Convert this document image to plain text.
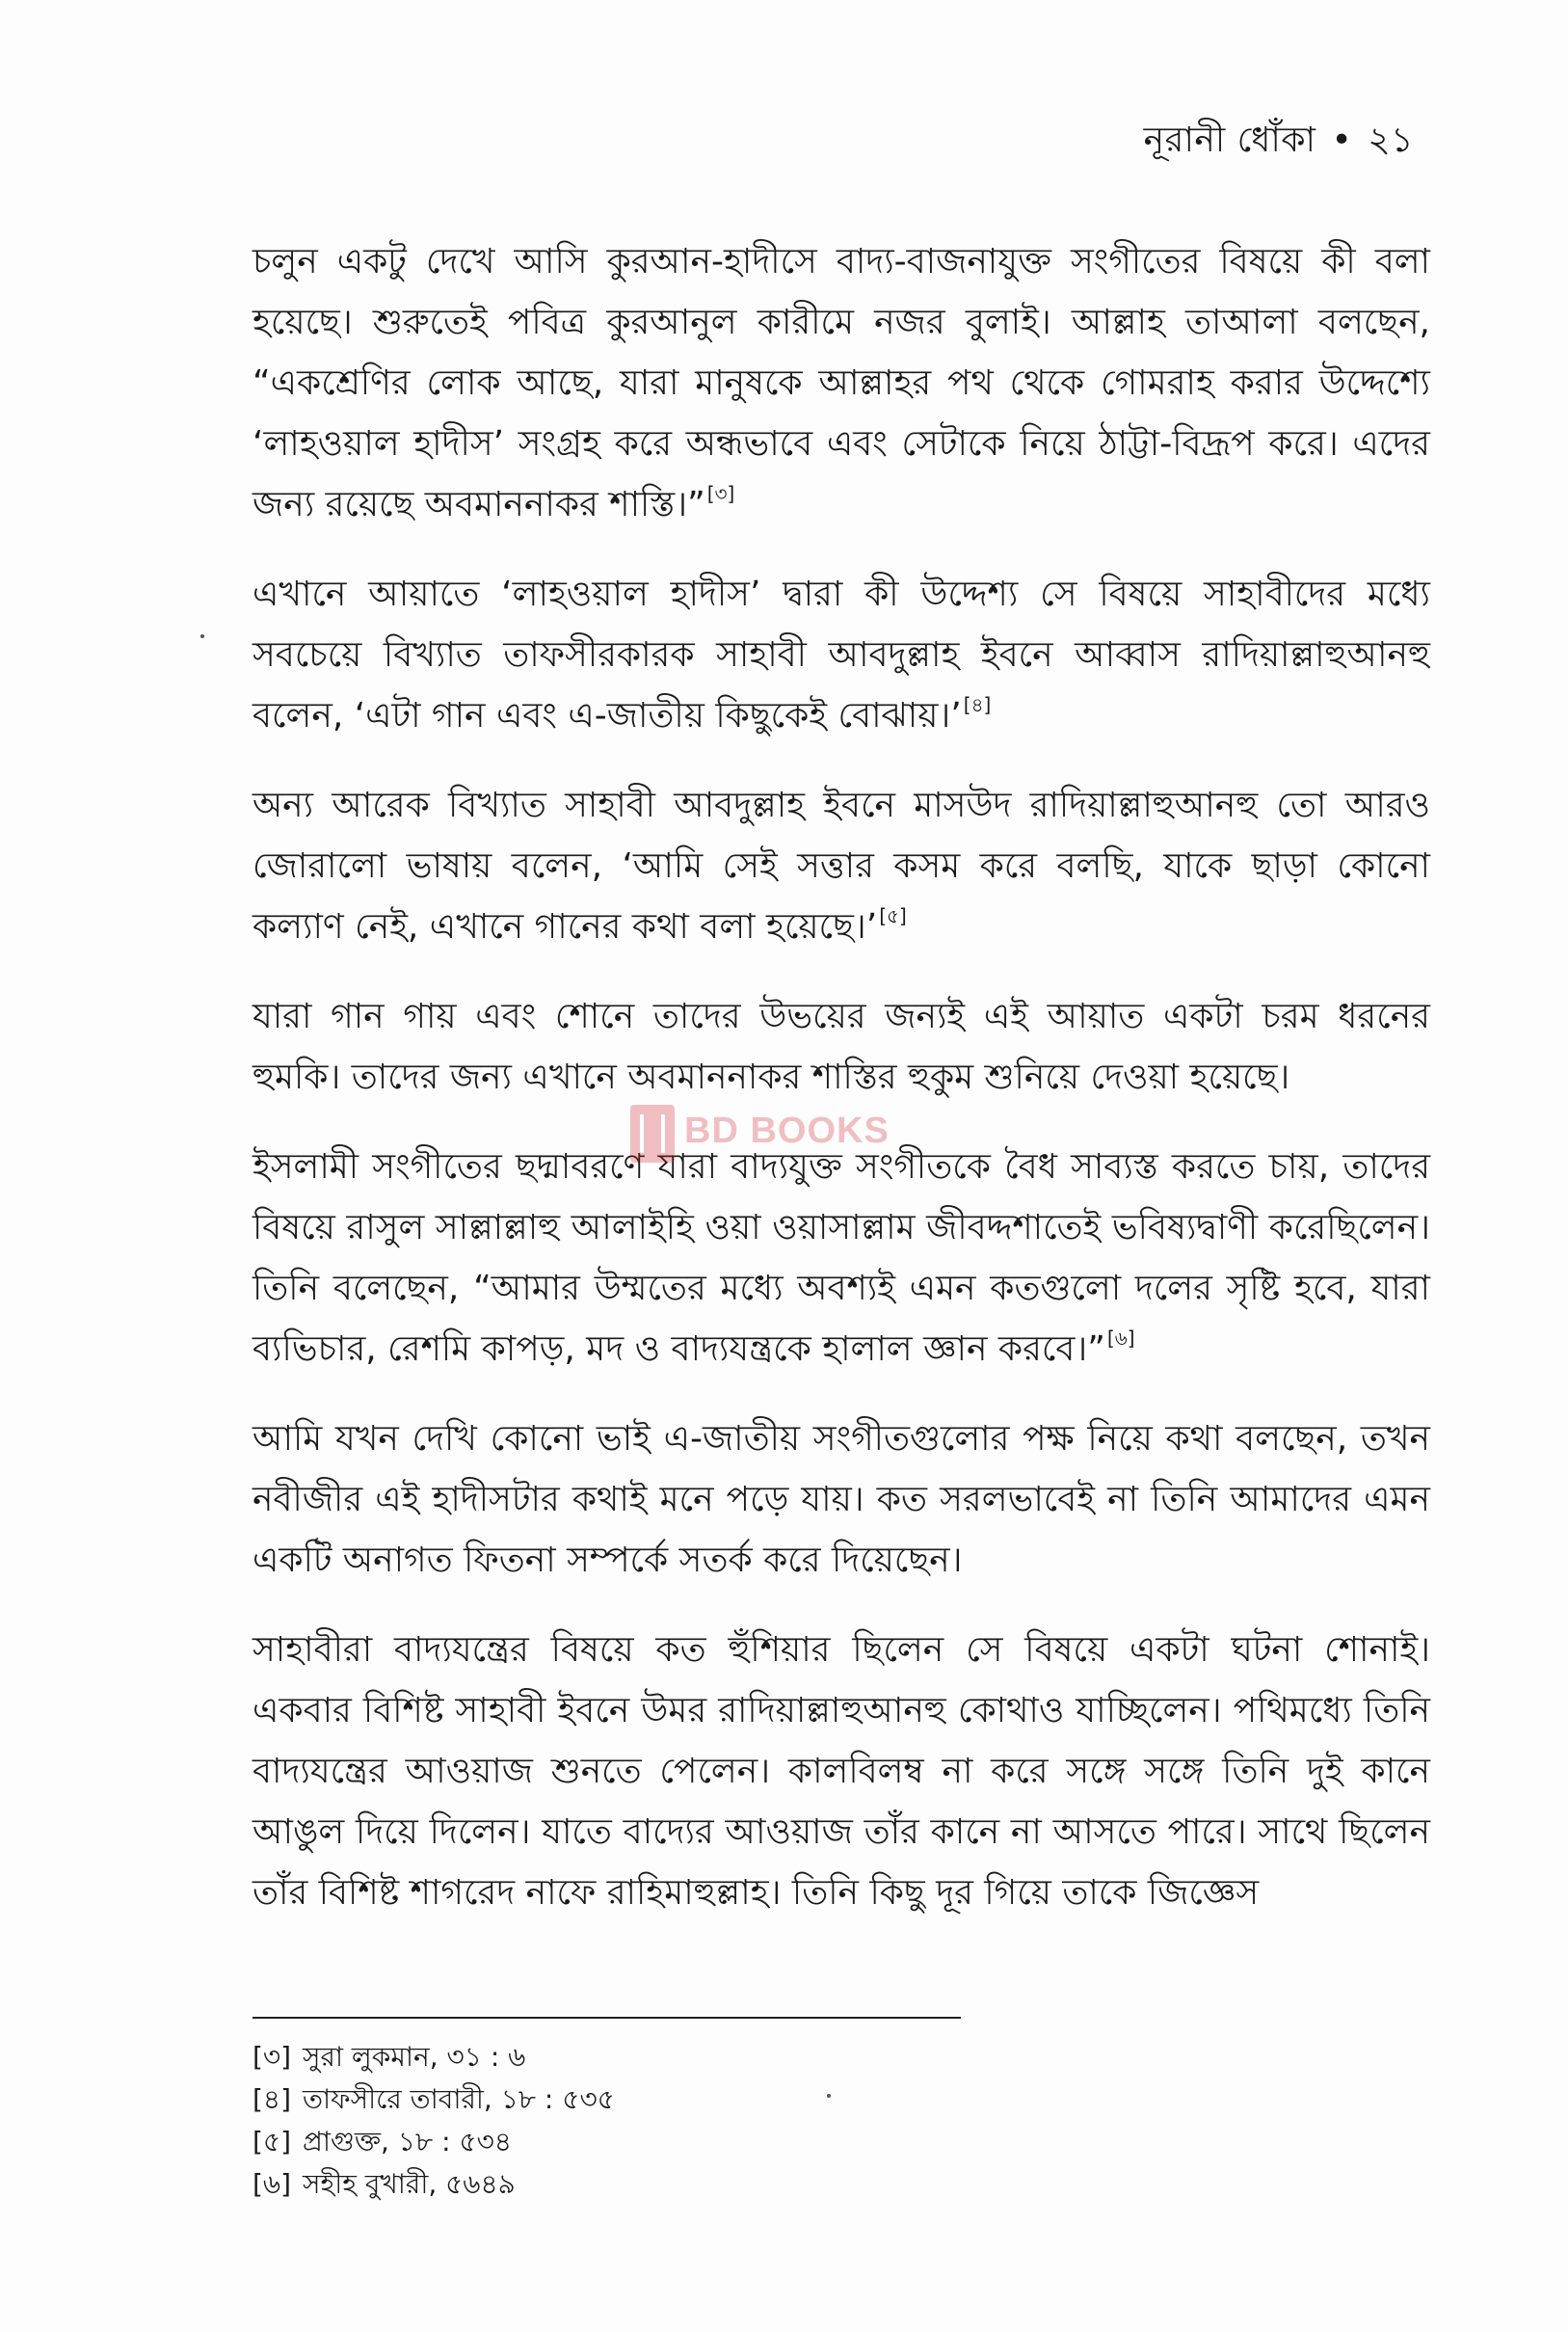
নূরানী ধোঁকা • ২১

চলুন একটু দেখে আসি কুরআন-হাদীসে বাদ্য-বাজনাযুক্ত সংগীতের বিষয়ে কী বলা হয়েছে। শুরুতেই পবিত্র কুরআনুল কারীমে নজর বুলাই। আল্লাহ তাআলা বলছেন, “একশ্রেণির লোক আছে, যারা মানুষকে আল্লাহর পথ থেকে গোমরাহ করার উদ্দেশ্যে ‘লাহওয়াল হাদীস’ সংগ্রহ করে অন্ধভাবে এবং সেটাকে নিয়ে ঠাট্টা-বিদ্রূপ করে। এদের জন্য রয়েছে অবমাননাকর শাস্তি।” [৩]

এখানে আয়াতে ‘লাহওয়াল হাদীস’ দ্বারা কী উদ্দেশ্য সে বিষয়ে সাহাবীদের মধ্যে সবচেয়ে বিখ্যাত তাফসীরকারক সাহাবী আবদুল্লাহ ইবনে আব্বাস রাদিয়াল্লাহুআনহু বলেন, ‘এটা গান এবং এ-জাতীয় কিছুকেই বোঝায়।’ [৪]

অন্য আরেক বিখ্যাত সাহাবী আবদুল্লাহ ইবনে মাসউদ রাদিয়াল্লাহুআনহু তো আরও জোরালো ভাষায় বলেন, ‘আমি সেই সত্তার কসম করে বলছি, যাকে ছাড়া কোনো কল্যাণ নেই, এখানে গানের কথা বলা হয়েছে।’ [৫]

যারা গান গায় এবং শোনে তাদের উভয়ের জন্যই এই আয়াত একটা চরম ধরনের হুমকি। তাদের জন্য এখানে অবমাননাকর শাস্তির হুকুম শুনিয়ে দেওয়া হয়েছে।

ইসলামী সংগীতের ছদ্মাবরণে যারা বাদ্যযুক্ত সংগীতকে বৈধ সাব্যস্ত করতে চায়, তাদের বিষয়ে রাসুল সাল্লাল্লাহু আলাইহি ওয়া ওয়াসাল্লাম জীবদ্দশাতেই ভবিষ্যদ্বাণী করেছিলেন। তিনি বলেছেন, “আমার উম্মতের মধ্যে অবশ্যই এমন কতগুলো দলের সৃষ্টি হবে, যারা ব্যভিচার, রেশমি কাপড়, মদ ও বাদ্যযন্ত্রকে হালাল জ্ঞান করবে।” [৬]

আমি যখন দেখি কোনো ভাই এ-জাতীয় সংগীতগুলোর পক্ষ নিয়ে কথা বলছেন, তখন নবীজীর এই হাদীসটার কথাই মনে পড়ে যায়। কত সরলভাবেই না তিনি আমাদের এমন একটি অনাগত ফিতনা সম্পর্কে সতর্ক করে দিয়েছেন।

সাহাবীরা বাদ্যযন্ত্রের বিষয়ে কত হুঁশিয়ার ছিলেন সে বিষয়ে একটা ঘটনা শোনাই। একবার বিশিষ্ট সাহাবী ইবনে উমর রাদিয়াল্লাহুআনহু কোথাও যাচ্ছিলেন। পথিমধ্যে তিনি বাদ্যযন্ত্রের আওয়াজ শুনতে পেলেন। কালবিলম্ব না করে সঙ্গে সঙ্গে তিনি দুই কানে আঙুল দিয়ে দিলেন। যাতে বাদ্যের আওয়াজ তাঁর কানে না আসতে পারে। সাথে ছিলেন তাঁর বিশিষ্ট শাগরেদ নাফে রাহিমাহুল্লাহ। তিনি কিছু দূর গিয়ে তাকে জিজ্ঞেস

BD BOOKS
[৩] সুরা লুকমান, ৩১ : ৬
[৪] তাফসীরে তাবারী, ১৮ : ৫৩৫
[৫] প্রাগুক্ত, ১৮ : ৫৩৪
[৬] সহীহ বুখারী, ৫৬৪৯
